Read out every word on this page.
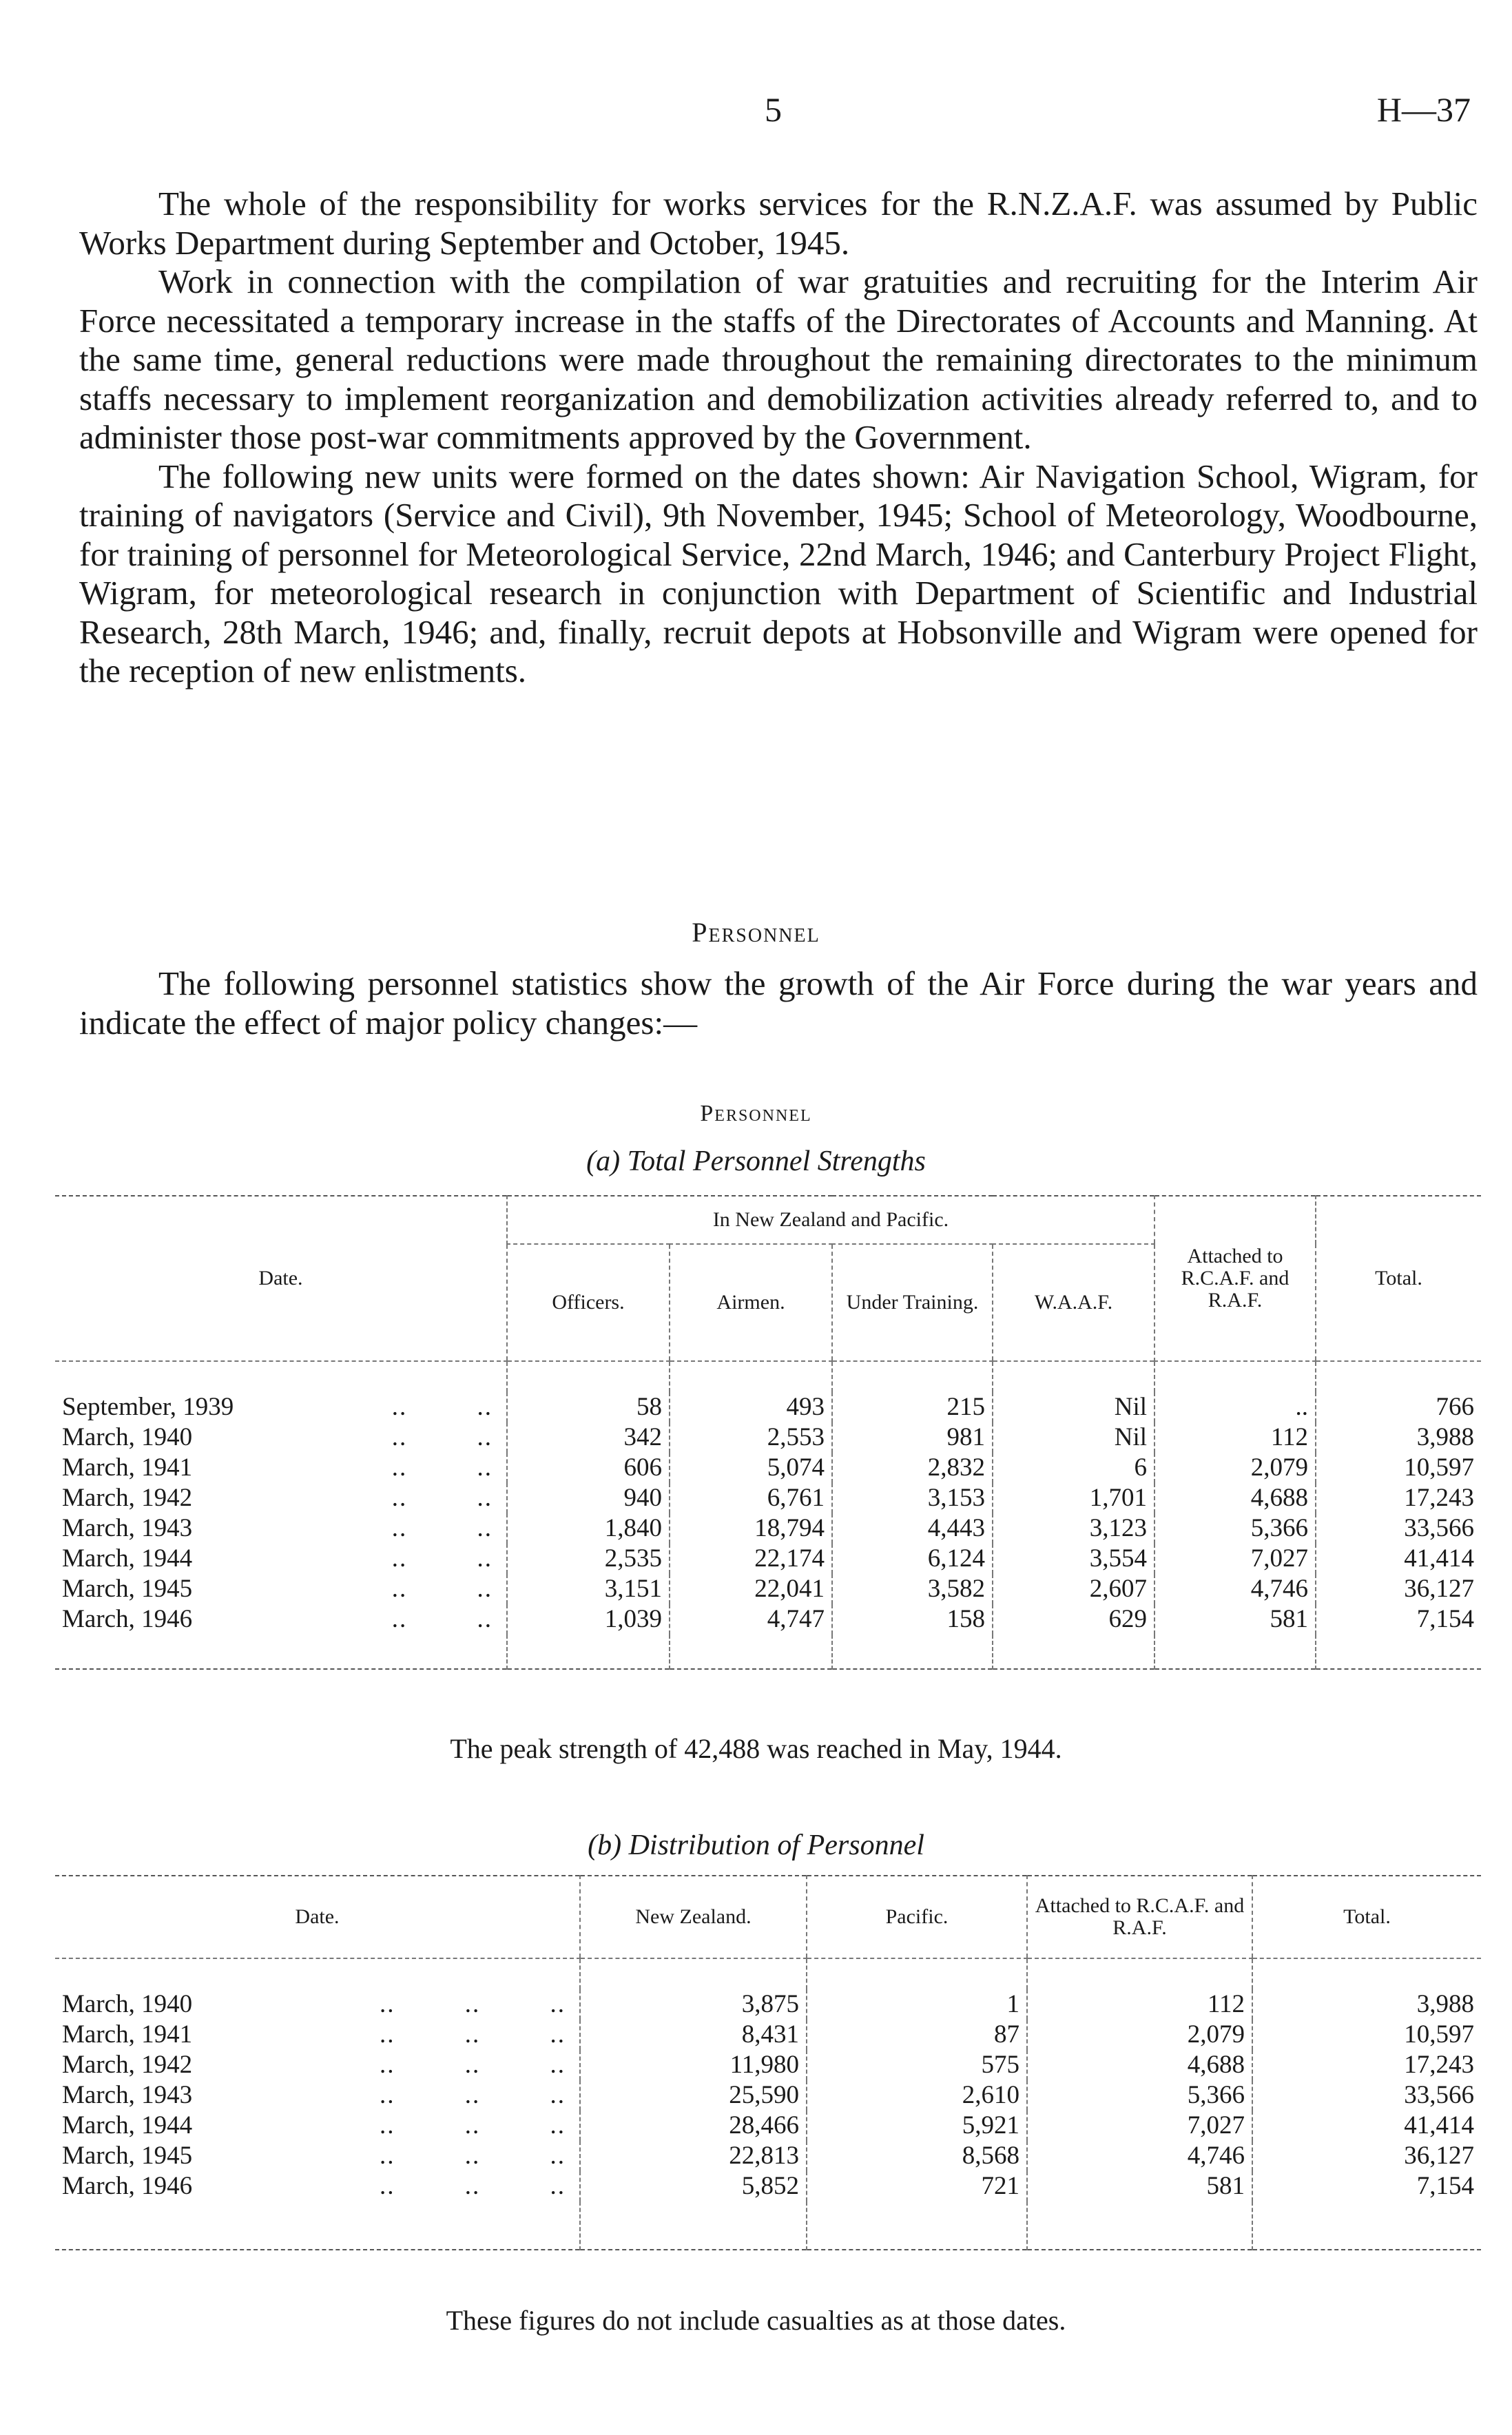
5	H—37

The whole of the responsibility for works services for the R.N.Z.A.F. was assumed by Public Works Department during September and October, 1945.

Work in connection with the compilation of war gratuities and recruiting for the Interim Air Force necessitated a temporary increase in the staffs of the Directorates of Accounts and Manning. At the same time, general reductions were made throughout the remaining directorates to the minimum staffs necessary to implement reorganization and demobilization activities already referred to, and to administer those post-war commitments approved by the Government.

The following new units were formed on the dates shown: Air Navigation School, Wigram, for training of navigators (Service and Civil), 9th November, 1945; School of Meteorology, Woodbourne, for training of personnel for Meteorological Service, 22nd March, 1946; and Canterbury Project Flight, Wigram, for meteorological research in conjunction with Department of Scientific and Industrial Research, 28th March, 1946; and, finally, recruit depots at Hobsonville and Wigram were opened for the reception of new enlistments.

Personnel

The following personnel statistics show the growth of the Air Force during the war years and indicate the effect of major policy changes:—

Personnel
(a) Total Personnel Strengths
Date.	In New Zealand and Pacific.				Attached to R.C.A.F. and R.A.F.	Total.
	Officers.	Airmen.	Under Training.	W.A.A.F.		

September, 1939 .. ..	58	493	215	Nil	..	766
March, 1940 .. ..	342	2,553	981	Nil	112	3,988
March, 1941 .. ..	606	5,074	2,832	6	2,079	10,597
March, 1942 .. ..	940	6,761	3,153	1,701	4,688	17,243
March, 1943 .. ..	1,840	18,794	4,443	3,123	5,366	33,566
March, 1944 .. ..	2,535	22,174	6,124	3,554	7,027	41,414
March, 1945 .. ..	3,151	22,041	3,582	2,607	4,746	36,127
March, 1946 .. ..	1,039	4,747	158	629	581	7,154

The peak strength of 42,488 was reached in May, 1944.
(b) Distribution of Personnel
Date.	New Zealand.	Pacific.	Attached to R.C.A.F. and R.A.F.	Total.

March, 1940 .. .. ..	3,875	1	112	3,988
March, 1941 .. .. ..	8,431	87	2,079	10,597
March, 1942 .. .. ..	11,980	575	4,688	17,243
March, 1943 .. .. ..	25,590	2,610	5,366	33,566
March, 1944 .. .. ..	28,466	5,921	7,027	41,414
March, 1945 .. .. ..	22,813	8,568	4,746	36,127
March, 1946 .. .. ..	5,852	721	581	7,154

These figures do not include casualties as at those dates.
